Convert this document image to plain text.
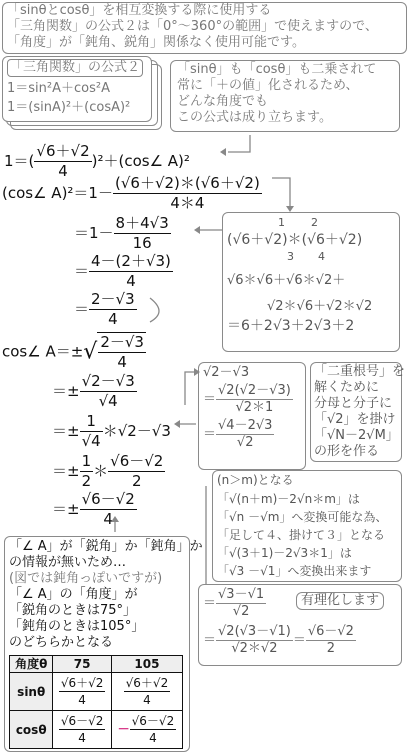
「sinθとcosθ」を相互変換する際に使用する
「三角関数」の公式２は「0°～360°の範囲」で使えますので、
「角度」が「鈍角、鋭角」関係なく使用可能です。
「三角関数」の公式２
1＝sin²A＋cos²A
1＝(sinA)²＋(cosA)²
「sinθ」も「cosθ」も二乗されて
常に「＋の値」化されるため、
どんな角度でも
この公式は成り立ちます。
$1=( \frac{√6+√2}{4}$ )²＋(cos∠ A)²
(cos∠ $A)^2=1- \frac{(√6+√2)*(√6+√2)}{4*4}$
$=1- \frac{8+4√3}{16}$
＝ $\frac{4-(2+√3)}{4}$
＝ $\frac{2-√3}{4}$
cos∠ $A=\pm√ \frac{2-√3}{4}$
＝± $\frac{√2-√3}{√4}$
＝± $\frac{1}{√4}$ ＊√2－√3
＝± $\frac{1}{2}$ ＊ $\frac{√6-√2}{2}$
＝± $\frac{√6-√2}{4}$
12
(√6＋√2)＊(√6＋√2)
34
√6＊√6＋√6＊√2＋
√2＊√6＋√2＊√2
＝6＋2√3＋2√3＋2
√2－√3
＝ $\frac{√2(√2-√3)}{√2*1}$
＝ $\frac{√4-2√3}{√2}$
「二重根号」を
解くために
分母と分子に
「√2」を掛け
「√N－2√M」
の形を作る
(n＞m)となる
「√(n＋m)－2√n＊m」は
「√n －√m」へ変換可能な為、
「足して４、掛けて３」となる
「√(3＋1)－2√3＊1」は
「√3 －√1」へ変換出来ます
＝ $\frac{√3-√1}{√2}$
＝ $\frac{√2(√3-√1)}{√2*√2} = \frac{√6-√2}{2}$
有理化します
「∠ A」が「鋭角」か「鈍角」か
の情報が無いため…
(図では鈍角っぽいですが)
「∠ A」の「角度」が
「鋭角のときは75°」
「鈍角のときは105°」
のどちらかとなる
角度θ	75	105
sinθ	$\frac{√6+√2}{4}$	$\frac{√6+√2}{4}$

cosθ	$\frac{√6-√2}{4}$	－ $\frac{√6-√2}{4}$
